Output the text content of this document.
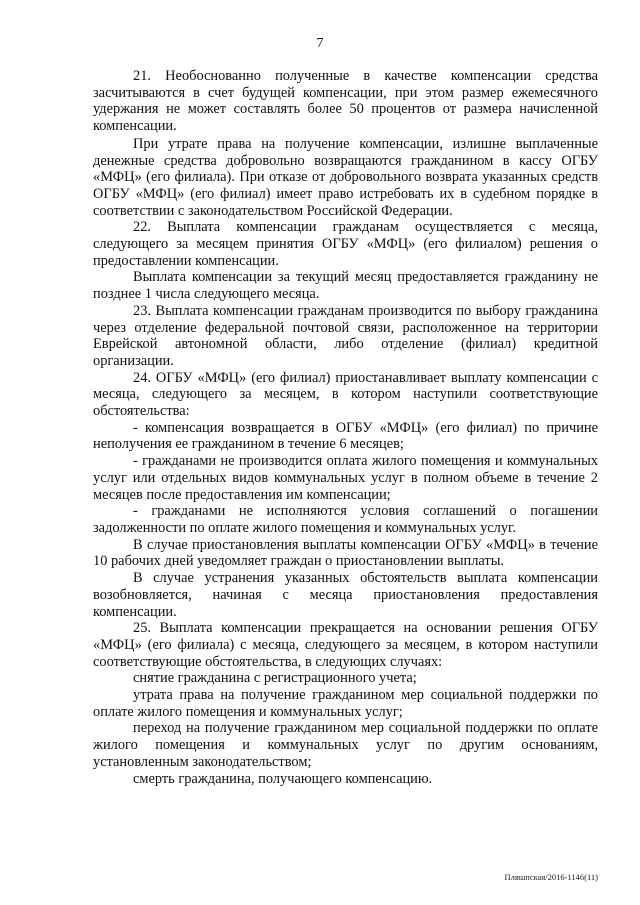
7

21. Необоснованно полученные в качестве компенсации средства засчитываются в счет будущей компенсации, при этом размер ежемесячного удержания не может составлять более 50 процентов от размера начисленной компенсации.

При утрате права на получение компенсации, излишне выплаченные денежные средства добровольно возвращаются гражданином в кассу ОГБУ «МФЦ» (его филиала). При отказе от добровольного возврата указанных средств ОГБУ «МФЦ» (его филиал) имеет право истребовать их в судебном порядке в соответствии с законодательством Российской Федерации.

22. Выплата компенсации гражданам осуществляется с месяца, следующего за месяцем принятия ОГБУ «МФЦ» (его филиалом) решения о предоставлении компенсации.

Выплата компенсации за текущий месяц предоставляется гражданину не позднее 1 числа следующего месяца.

23. Выплата компенсации гражданам производится по выбору гражданина через отделение федеральной почтовой связи, расположенное на территории Еврейской автономной области, либо отделение (филиал) кредитной организации.

24. ОГБУ «МФЦ» (его филиал) приостанавливает выплату компенсации с месяца, следующего за месяцем, в котором наступили соответствующие обстоятельства:

- компенсация возвращается в ОГБУ «МФЦ» (его филиал) по причине неполучения ее гражданином в течение 6 месяцев;

- гражданами не производится оплата жилого помещения и коммунальных услуг или отдельных видов коммунальных услуг в полном объеме в течение 2 месяцев после предоставления им компенсации;

- гражданами не исполняются условия соглашений о погашении задолженности по оплате жилого помещения и коммунальных услуг.

В случае приостановления выплаты компенсации ОГБУ «МФЦ» в течение 10 рабочих дней уведомляет граждан о приостановлении выплаты.

В случае устранения указанных обстоятельств выплата компенсации возобновляется, начиная с месяца приостановления предоставления компенсации.

25. Выплата компенсации прекращается на основании решения ОГБУ «МФЦ» (его филиала) с месяца, следующего за месяцем, в котором наступили соответствующие обстоятельства, в следующих случаях:

снятие гражданина с регистрационного учета;

утрата права на получение гражданином мер социальной поддержки по оплате жилого помещения и коммунальных услуг;

переход на получение гражданином мер социальной поддержки по оплате жилого помещения и коммунальных услуг по другим основаниям, установленным законодательством;

смерть гражданина, получающего компенсацию.

Пляшпская/2016-1146(11)
